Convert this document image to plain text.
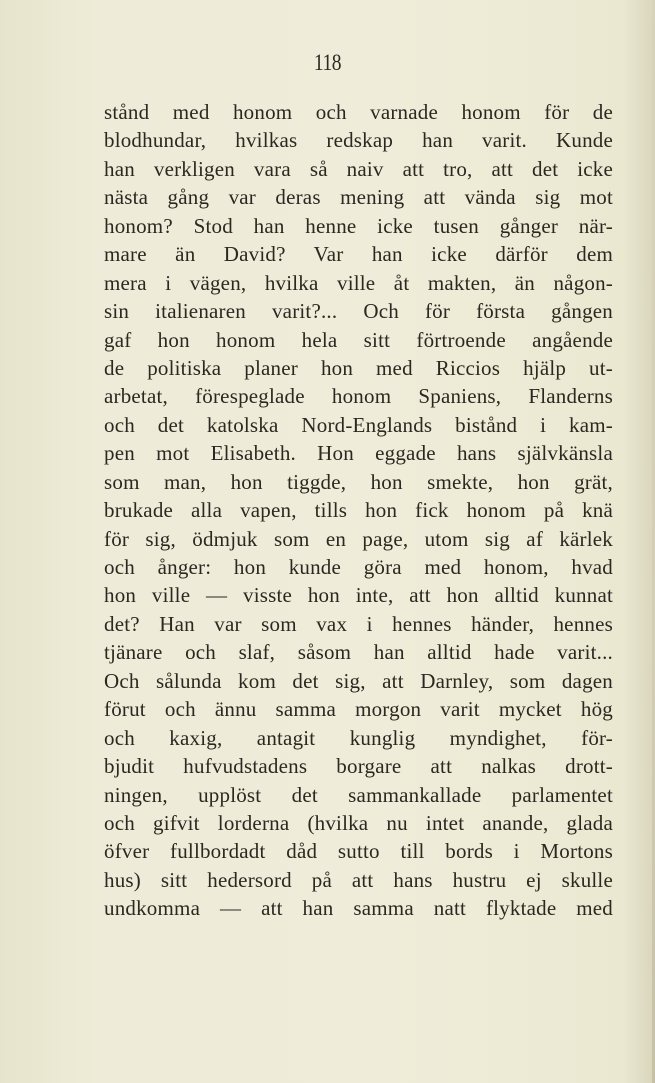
118
stånd med honom och varnade honom för de
blodhundar, hvilkas redskap han varit. Kunde
han verkligen vara så naiv att tro, att det icke
nästa gång var deras mening att vända sig mot
honom? Stod han henne icke tusen gånger när-
mare än David? Var han icke därför dem
mera i vägen, hvilka ville åt makten, än någon-
sin italienaren varit?... Och för första gången
gaf hon honom hela sitt förtroende angående
de politiska planer hon med Riccios hjälp ut-
arbetat, förespeglade honom Spaniens, Flanderns
och det katolska Nord-Englands bistånd i kam-
pen mot Elisabeth. Hon eggade hans självkänsla
som man, hon tiggde, hon smekte, hon grät,
brukade alla vapen, tills hon fick honom på knä
för sig, ödmjuk som en page, utom sig af kärlek
och ånger: hon kunde göra med honom, hvad
hon ville — visste hon inte, att hon alltid kunnat
det? Han var som vax i hennes händer, hennes
tjänare och slaf, såsom han alltid hade varit...
Och sålunda kom det sig, att Darnley, som dagen
förut och ännu samma morgon varit mycket hög
och kaxig, antagit kunglig myndighet, för-
bjudit hufvudstadens borgare att nalkas drott-
ningen, upplöst det sammankallade parlamentet
och gifvit lorderna (hvilka nu intet anande, glada
öfver fullbordadt dåd sutto till bords i Mortons
hus) sitt hedersord på att hans hustru ej skulle
undkomma — att han samma natt flyktade med
